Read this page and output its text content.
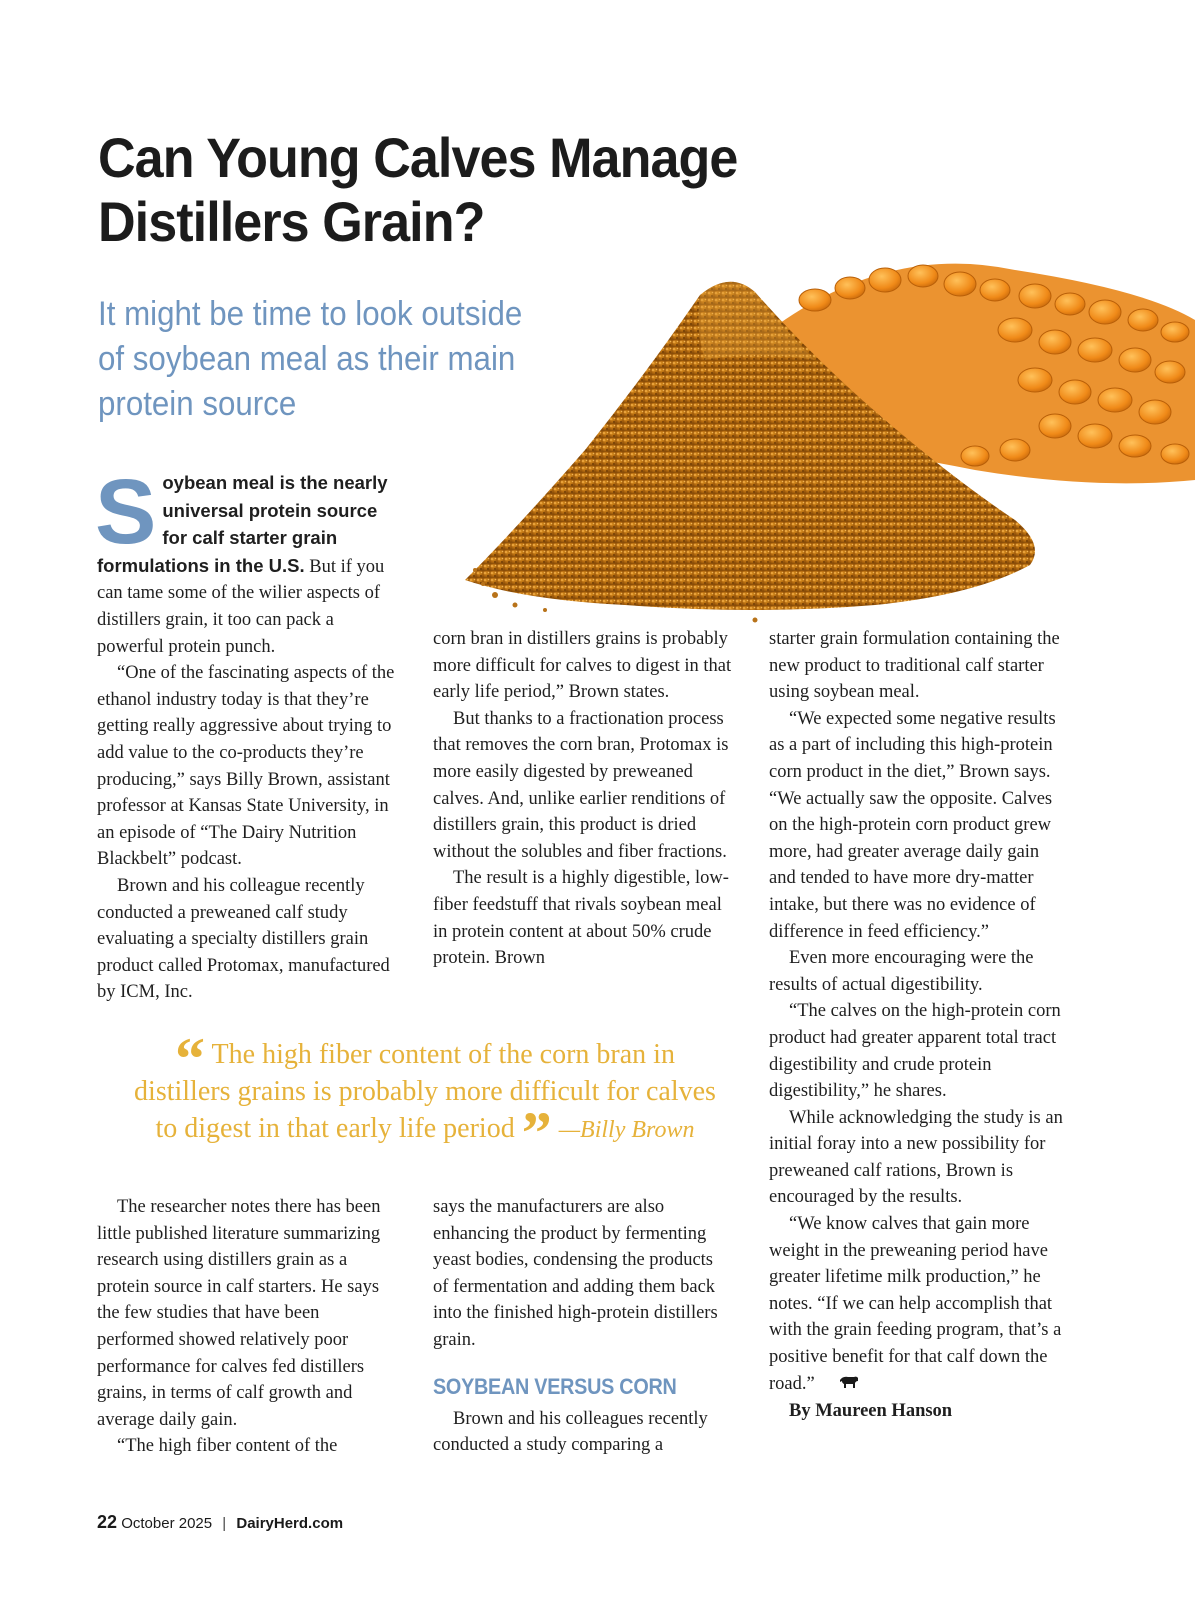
Can Young Calves Manage Distillers Grain?
It might be time to look outside of soybean meal as their main protein source

Soybean meal is the nearly universal protein source for calf starter grain formulations in the U.S. But if you can tame some of the wilier aspects of distillers grain, it too can pack a powerful protein punch.

“One of the fascinating aspects of the ethanol industry today is that they’re getting really aggressive about trying to add value to the co-products they’re producing,” says Billy Brown, assistant professor at Kansas State University, in an episode of “The Dairy Nutrition Blackbelt” podcast.

Brown and his colleague recently conducted a preweaned calf study evaluating a specialty distillers grain product called Protomax, manufactured by ICM, Inc.

corn bran in distillers grains is probably more difficult for calves to digest in that early life period,” Brown states.

But thanks to a fractionation process that removes the corn bran, Protomax is more easily digested by preweaned calves. And, unlike earlier renditions of distillers grain, this product is dried without the solubles and fiber fractions.

The result is a highly digestible, low-fiber feedstuff that rivals soybean meal in protein content at about 50% crude protein. Brown

starter grain formulation containing the new product to traditional calf starter using soybean meal.

“We expected some negative results as a part of including this high-protein corn product in the diet,” Brown says. “We actually saw the opposite. Calves on the high-protein corn product grew more, had greater average daily gain and tended to have more dry-matter intake, but there was no evidence of difference in feed efficiency.”

Even more encouraging were the results of actual digestibility.

“The calves on the high-protein corn product had greater apparent total tract digestibility and crude protein digestibility,” he shares.

While acknowledging the study is an initial foray into a new possibility for preweaned calf rations, Brown is encouraged by the results.

“We know calves that gain more weight in the preweaning period have greater lifetime milk production,” he notes. “If we can help accomplish that with the grain feeding program, that’s a positive benefit for that calf down the road.”

By Maureen Hanson

“ The high fiber content of the corn bran in distillers grains is probably more difficult for calves to digest in that early life period ” —Billy Brown

The researcher notes there has been little published literature summarizing research using distillers grain as a protein source in calf starters. He says the few studies that have been performed showed relatively poor performance for calves fed distillers grains, in terms of calf growth and average daily gain.

“The high fiber content of the

says the manufacturers are also enhancing the product by fermenting yeast bodies, condensing the products of fermentation and adding them back into the finished high-protein distillers grain.

SOYBEAN VERSUS CORN

Brown and his colleagues recently conducted a study comparing a

22 October 2025 | DairyHerd.com
